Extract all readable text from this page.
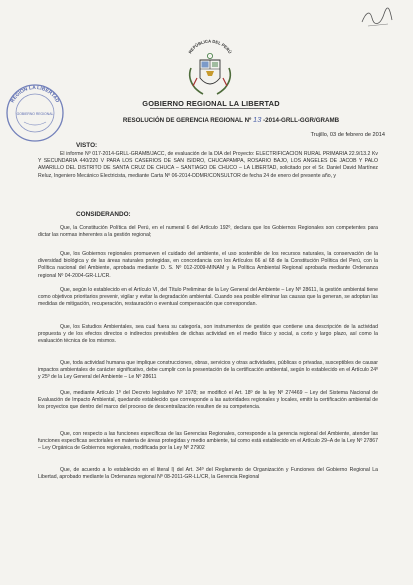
REPÚBLICA DEL PERÚ
REGION LA LIBERTAD
GOBIERNO REGIONAL
GOBIERNO REGIONAL LA LIBERTAD
RESOLUCIÓN DE GERENCIA REGIONAL Nº 13 -2014-GRLL-GGR/GRAMB
Trujillo, 03 de febrero de 2014
VISTO:
El informe Nº 017-2014-GRLL-GRAMB/JACC, de evaluación de la DIA del Proyecto: ELECTRIFICACION RURAL PRIMARIA 22.9/13.2 Kv Y SECUNDARIA 440/220 V PARA LOS CASERIOS DE SAN ISIDRO, CHUCAPAMPA, ROSARIO BAJO, LOS ANGELES DE JACOB Y PALO AMARILLO DEL DISTRITO DE SANTA CRUZ DE CHUCA – SANTIAGO DE CHUCO – LA LIBERTAD, solicitado por el Sr. Daniel David Martínez Reluz, Ingeniero Mecánico Electricista, mediante Carta Nº 06-2014-DDMR/CONSULTOR de fecha 24 de enero del presente año, y
CONSIDERANDO:
Que, la Constitución Política del Perú, en el numeral 6 del Artículo 192º, declara que los Gobiernos Regionales son competentes para dictar las normas inherentes a la gestión regional;
Que, los Gobiernos regionales promueven el cuidado del ambiente, el uso sostenible de los recursos naturales, la conservación de la diversidad biológica y de las áreas naturales protegidas, en concordancia con los Artículos 66 al 68 de la Constitución Política del Perú, con la Política nacional del Ambiente, aprobada mediante D. S. Nº 012-2009-MINAM y la Política Ambiental Regional aprobada mediante Ordenanza regional Nº 04-2004-GR-LL/CR.
Que, según lo establecido en el Artículo VI, del Título Preliminar de la Ley General del Ambiente – Ley Nº 28611, la gestión ambiental tiene como objetivos prioritarios prevenir, vigilar y evitar la degradación ambiental. Cuando sea posible eliminar las causas que la generan, se adoptan las medidas de mitigación, recuperación, restauración o eventual compensación que correspondan.
Que, los Estudios Ambientales, sea cual fuera su categoría, son instrumentos de gestión que contiene una descripción de la actividad propuesta y de los efectos directos o indirectos previsibles de dichas actividad en el medio físico y social, a corto y largo plazo, así como la evaluación técnica de los mismos.
Que, toda actividad humana que implique construcciones, obras, servicios y otras actividades, públicas o privadas, susceptibles de causar impactos ambientales de carácter significativo, debe cumplir con la presentación de la certificación ambiental, según lo establecido en el Artículo 24º y 25º de la Ley General del Ambiente – Le Nº 28611
Que, mediante Artículo 1º del Decreto legislativo Nº 1078; se modificó el Art. 18º de la ley Nº 274469 – Ley del Sistema Nacional de Evaluación de Impacto Ambiental, quedando establecido que corresponde a las autoridades regionales y locales, emitir la certificación ambiental de los proyectos que dentro del marco del proceso de descentralización resulten de su competencia.
Que, con respecto a las funciones específicas de las Gerencias Regionales, corresponde a la gerencia regional del Ambiente, atender las funciones específicas sectoriales en materia de áreas protegidas y medio ambiente, tal como está establecido en el Artículo 29–A de la Ley Nº 27867 – Ley Orgánica de Gobiernos regionales, modificada por la Ley Nº 27902
Que, de acuerdo a lo establecido en el literal l) del Art. 34º del Reglamento de Organización y Funciones del Gobierno Regional La Libertad, aprobado mediante la Ordenanza regional Nº 08-2011-GR-LL/CR, la Gerencia Regional
